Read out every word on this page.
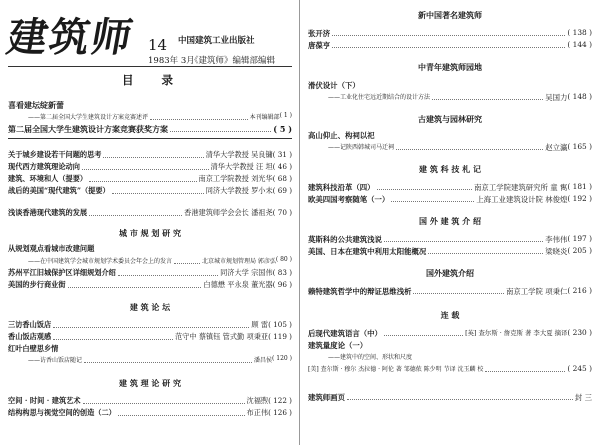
建筑师 14 中国建筑工业出版社
1983年 3月
《建筑师》编辑部编辑
目 录
喜看建坛绽新蕾
——第二届全国大学生建筑设计方案竞赛述评	本刊编辑部 ( 1 )
第二届全国大学生建筑设计方案竞赛获奖方案	( 5 )
关于城乡建设若干问题的思考	清华大学教授 吴良镛 ( 31 )
现代西方建筑理论动向	清华大学教授 汪 坦 ( 46 )
建筑、环境和人（提要）	南京工学院教授 刘光华 ( 68 )
战后的美国“现代建筑”（提要）	同济大学教授 罗小未 ( 69 )
浅谈香港现代建筑的发展	香港建筑师学会会长 潘祖尧 ( 70 )
城 市 规 划 研 究
从规划观点看城市改建问题
——在中国建筑学会城市规划学术委员会年会上的发言	北京城市规划管理局 郭彦弘 ( 80 )
苏州平江旧城保护区详细规划介绍	同济大学 宗国伟 ( 83 )
美国的步行商业街	白德懋 平永泉 董光器 ( 96 )
建 筑 论 坛
三访香山饭店	顾 雷 ( 105 )
香山饭店观感	范守中 蔡镇钰 管式勤 项秉亚 ( 119 )
红叶白壁思乡情
——访香山饭店随记	潘昌侯 ( 120 )
建 筑 理 论 研 究
空间 · 时间 · 建筑艺术	沈福煦 ( 122 )
结构构思与视觉空间的创造（二）	布正伟 ( 126 )
新中国著名建筑师
张开济	( 138 )
唐葆亨	( 144 )
中青年建筑师园地
滑伏设计（下）
——工业化住宅远近期结合的设计方法	吴国力 ( 148 )
古建筑与园林研究
高山仰止、构祠以祀
——记陕西韩城司马迁祠	赵立瀛 ( 165 )
建 筑 科 技 札 记
建筑科技沿革（四）	南京工学院建筑研究所 童 寯 ( 181 )
欧美四国考察随笔（一）	上海工业建筑设计院 林俊煌 ( 192 )
国 外 建 筑 介 绍
莫斯科的公共建筑浅说	李伟伟 ( 197 )
美国、日本在建筑中利用太阳能概况	梁晓炎 ( 205 )
国外建筑介绍
赖特建筑哲学中的辩证思维浅析	南京工学院 项秉仁 ( 216 )
连 载
后现代建筑语言（中）	[英] 查尔斯 · 詹克斯 著 李大夏 摘译 ( 230 )
建筑量度论（一）
——建筑中的空间、形状和尺度
[美] 查尔斯 · 穆尔 杰拉德 · 阿伦 著 邹德侬 陈少明 节译 沈玉麟 校	( 245 )
建筑师画页	封 三
